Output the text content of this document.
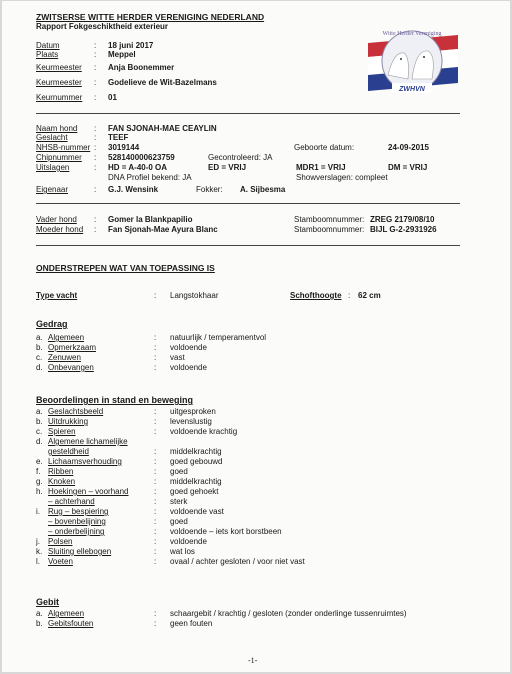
ZWITSERSE WITTE HERDER VERENIGING NEDERLAND
Rapport Fokgeschiktheid exterieur
Witte Herder Vereniging
ZWHVN
Datum	: 18 juni 2017
Plaats	: Meppel
Keurmeester : Anja Boonemmer
Keurmeester : Godelieve de Wit-Bazelmans
Keurnummer : 01
Naam hond : FAN SJONAH-MAE CEAYLIN
Geslacht	: TEEF
NHSB-nummer : 3019144	Geboorte datum:	24-09-2015
Chipnummer : 528140000623759	Gecontroleerd: JA
Uitslagen	: HD = A-40-0 OA	ED = VRIJ	MDR1 = VRIJ	DM = VRIJ
DNA Profiel bekend: JA	Showverslagen: compleet
Eigenaar	: G.J. Wensink	Fokker: A. Sijbesma
Vader hond : Gomer la Blankpapilio	Stamboomnummer: ZREG 2179/08/10
Moeder hond : Fan Sjonah-Mae Ayura Blanc	Stamboomnummer: BIJL G-2-2931926
ONDERSTREPEN WAT VAN TOEPASSING IS
Type vacht	: Langstokhaar	Schofthoogte : 62 cm
Gedrag
a. Algemeen	: natuurlijk / temperamentvol
b. Opmerkzaam	: voldoende
c. Zenuwen	: vast
d. Onbevangen	: voldoende
Beoordelingen in stand en beweging
a. Geslachtsbeeld	: uitgesproken
b. Uitdrukking	: levenslustig
c. Spieren	: voldoende krachtig
d. Algemene lichamelijke
gesteldheid	: middelkrachtig
e. Lichaamsverhouding	: goed gebouwd
f. Ribben	: goed
g. Knoken	: middelkrachtig
h. Hoekingen – voorhand	: goed gehoekt
– achterhand	: sterk
i. Rug – bespiering	: voldoende vast
– bovenbelijning	: goed
– onderbelijning	: voldoende – iets kort borstbeen
j. Polsen	: voldoende
k. Sluiting ellebogen	: wat los
l. Voeten	: ovaal / achter gesloten / voor niet vast
Gebit
a. Algemeen	: schaargebit / krachtig / gesloten (zonder onderlinge tussenruimtes)
b. Gebitsfouten	: geen fouten
-1-
